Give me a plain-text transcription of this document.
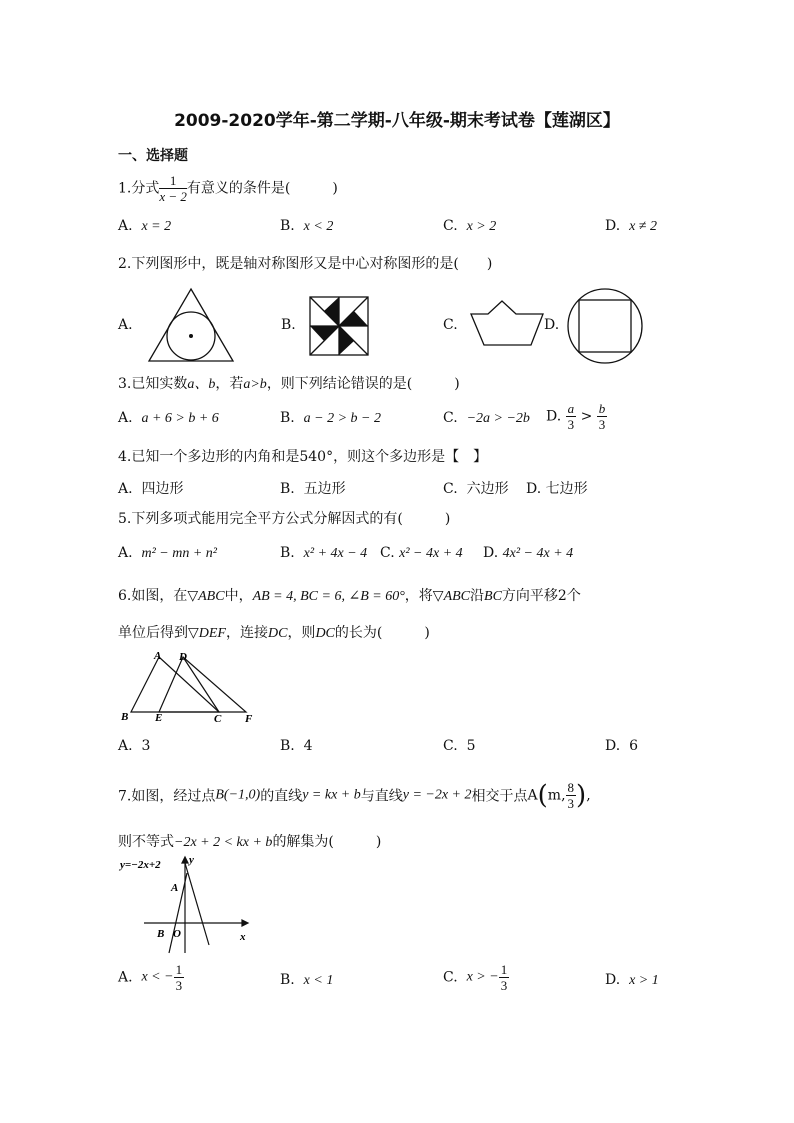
2009-2020学年-第二学期-八年级-期末考试卷【莲湖区】
一、选择题
1.分式 $\frac{1}{x - 2}$ 有意义的条件是(　　　)
A. x = 2	B. x < 2	C. x > 2	D. x ≠ 2
2.下列图形中，既是轴对称图形又是中心对称图形的是(　　)
A.	B.	C.	D.
3.已知实数a、b，若a>b，则下列结论错误的是(　　　)
A. a + 6 > b + 6	B. a − 2 > b − 2	C. −2a > −2b D. $\frac{a}{3} > \frac{b}{3}$
4.已知一个多边形的内角和是540°，则这个多边形是【　】
A. 四边形	B. 五边形	C. 六边形 D. 七边形
5.下列多项式能用完全平方公式分解因式的有(　　　)
A. m² − mn + n²	B. x² + 4x − 4 C. x² − 4x + 4 D. 4x² − 4x + 4
6.如图，在▽ABC中，AB = 4, BC = 6, ∠B = 60°，将▽ABC沿BC方向平移2个
单位后得到▽DEF，连接DC，则DC的长为(　　　)
A D
B E	C F
A. 3	B. 4	C. 5	D. 6
7.如图，经过点B(−1,0)的直线y = kx + b与直线y = −2x + 2相交于点A(m, $\frac{8}{3}$ ),
则不等式−2x + 2 < kx + b的解集为(　　　)
y=−2x+2	y
x
A
B O
A. x < − $\frac{1}{3}$	B. x < 1	C. x > − $\frac{1}{3}$	D. x > 1
